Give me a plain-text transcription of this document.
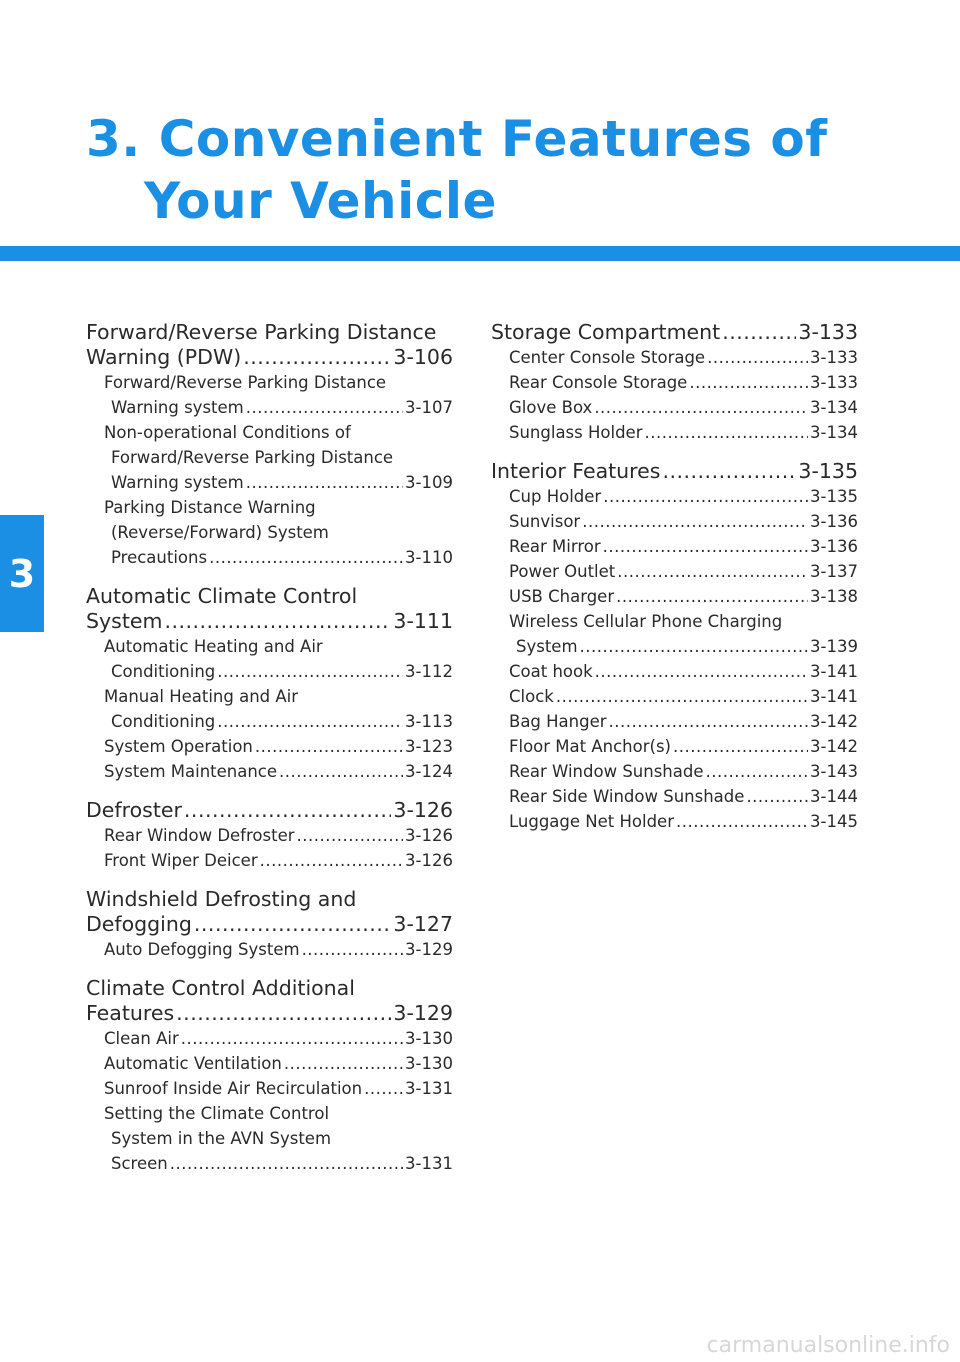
3. Convenient Features of
Your Vehicle
3
Forward/Reverse Parking Distance
Warning (PDW) .....	3-106
Forward/Reverse Parking Distance
Warning system .....	3-107
Non-operational Conditions of
Forward/Reverse Parking Distance
Warning system .....	3-109
Parking Distance Warning
(Reverse/Forward) System
Precautions .....	3-110
Automatic Climate Control
System .....	3-111
Automatic Heating and Air
Conditioning .....	3-112
Manual Heating and Air
Conditioning .....	3-113
System Operation .....	3-123
System Maintenance .....	3-124
Defroster .....	3-126
Rear Window Defroster .....	3-126
Front Wiper Deicer .....	3-126
Windshield Defrosting and
Defogging .....	3-127
Auto Defogging System .....	3-129
Climate Control Additional
Features .....	3-129
Clean Air .....	3-130
Automatic Ventilation .....	3-130
Sunroof Inside Air Recirculation .....	3-131
Setting the Climate Control
System in the AVN System
Screen .....	3-131
Storage Compartment .....	3-133
Center Console Storage .....	3-133
Rear Console Storage .....	3-133
Glove Box .....	3-134
Sunglass Holder .....	3-134
Interior Features .....	3-135
Cup Holder .....	3-135
Sunvisor .....	3-136
Rear Mirror .....	3-136
Power Outlet .....	3-137
USB Charger .....	3-138
Wireless Cellular Phone Charging
System .....	3-139
Coat hook .....	3-141
Clock .....	3-141
Bag Hanger .....	3-142
Floor Mat Anchor(s) .....	3-142
Rear Window Sunshade .....	3-143
Rear Side Window Sunshade .....	3-144
Luggage Net Holder .....	3-145
carmanualsonline.info
